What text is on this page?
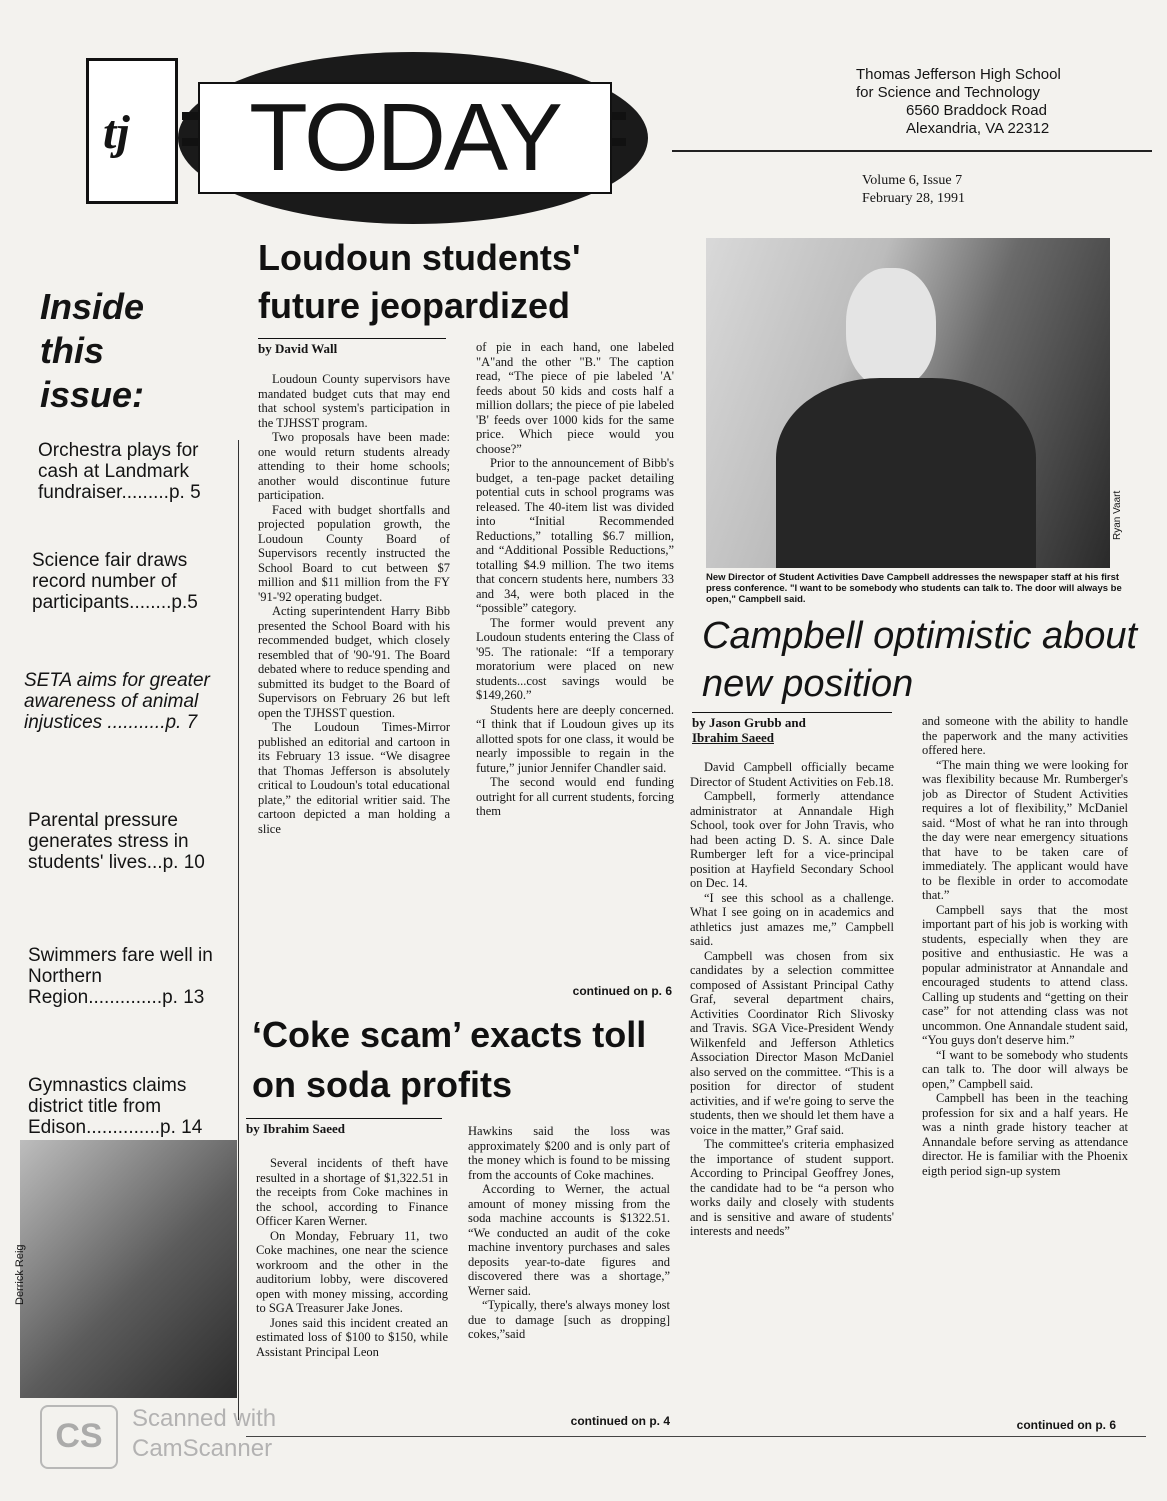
tj	TODAY
Thomas Jefferson High School
for Science and Technology
6560 Braddock Road
Alexandria, VA 22312
Volume 6, Issue 7
February 28, 1991
Inside
this
issue:
Orchestra plays for cash at Landmark fundraiser.........p. 5
Science fair draws record number of participants........p.5
SETA aims for greater awareness of animal injustices ...........p. 7
Parental pressure generates stress in students' lives...p. 10
Swimmers fare well in Northern Region..............p. 13
Gymnastics claims district title from Edison..............p. 14
Derrick Reig
Loudoun students' future jeopardized
by David Wall

Loudoun County supervisors have mandated budget cuts that may end that school system's participation in the TJHSST program.

Two proposals have been made: one would return students already attending to their home schools; another would discontinue future participation.

Faced with budget shortfalls and projected population growth, the Loudoun County Board of Supervisors recently instructed the School Board to cut between $7 million and $11 million from the FY '91-'92 operating budget.

Acting superintendent Harry Bibb presented the School Board with his recommended budget, which closely resembled that of '90-'91. The Board debated where to reduce spending and submitted its budget to the Board of Supervisors on February 26 but left open the TJHSST question.

The Loudoun Times-Mirror published an editorial and cartoon in its February 13 issue. “We disagree that Thomas Jefferson is absolutely critical to Loudoun's total educational plate,” the editorial writier said. The cartoon depicted a man holding a slice

of pie in each hand, one labeled "A"and the other "B." The caption read, “The piece of pie labeled 'A' feeds about 50 kids and costs half a million dollars; the piece of pie labeled 'B' feeds over 1000 kids for the same price. Which piece would you choose?”

Prior to the announcement of Bibb's budget, a ten-page packet detailing potential cuts in school programs was released. The 40-item list was divided into “Initial Recommended Reductions,” totalling $6.7 million, and “Additional Possible Reductions,” totalling $4.9 million. The two items that concern students here, numbers 33 and 34, were both placed in the “possible” category.

The former would prevent any Loudoun students entering the Class of '95. The rationale: “If a temporary moratorium were placed on new students...cost savings would be $149,260.”

Students here are deeply concerned. “I think that if Loudoun gives up its allotted spots for one class, it would be nearly impossible to regain in the future,” junior Jennifer Chandler said.

The second would end funding outright for all current students, forcing them

continued on p. 6
‘Coke scam’ exacts toll on soda profits
by Ibrahim Saeed

Several incidents of theft have resulted in a shortage of $1,322.51 in the receipts from Coke machines in the school, according to Finance Officer Karen Werner.

On Monday, February 11, two Coke machines, one near the science workroom and the other in the auditorium lobby, were discovered open with money missing, according to SGA Treasurer Jake Jones.

Jones said this incident created an estimated loss of $100 to $150, while Assistant Principal Leon

Hawkins said the loss was approximately $200 and is only part of the money which is found to be missing from the accounts of Coke machines.

According to Werner, the actual amount of money missing from the soda machine accounts is $1322.51. “We conducted an audit of the coke machine inventory purchases and sales deposits year-to-date figures and discovered there was a shortage,” Werner said.

“Typically, there's always money lost due to damage [such as dropping] cokes,”said

continued on p. 4
Ryan Vaart
New Director of Student Activities Dave Campbell addresses the newspaper staff at his first press conference. "I want to be somebody who students can talk to. The door will always be open," Campbell said.
Campbell optimistic about new position
by Jason Grubb and
Ibrahim Saeed

David Campbell officially became Director of Student Activities on Feb.18.

Campbell, formerly attendance administrator at Annandale High School, took over for John Travis, who had been acting D. S. A. since Dale Rumberger left for a vice-principal position at Hayfield Secondary School on Dec. 14.

“I see this school as a challenge. What I see going on in academics and athletics just amazes me,” Campbell said.

Campbell was chosen from six candidates by a selection committee composed of Assistant Principal Cathy Graf, several department chairs, Activities Coordinator Rich Slivosky and Travis. SGA Vice-President Wendy Wilkenfeld and Jefferson Athletics Association Director Mason McDaniel also served on the committee. “This is a position for director of student activities, and if we're going to serve the students, then we should let them have a voice in the matter,” Graf said.

The committee's criteria emphasized the importance of student support. According to Principal Geoffrey Jones, the candidate had to be “a person who works daily and closely with students and is sensitive and aware of students' interests and needs”

and someone with the ability to handle the paperwork and the many activities offered here.

“The main thing we were looking for was flexibility because Mr. Rumberger's job as Director of Student Activities requires a lot of flexibility,” McDaniel said. “Most of what he ran into through the day were near emergency situations that have to be taken care of immediately. The applicant would have to be flexible in order to accomodate that.”

Campbell says that the most important part of his job is working with students, especially when they are positive and enthusiastic. He was a popular administrator at Annandale and encouraged students to attend class. Calling up students and “getting on their case” for not attending class was not uncommon. One Annandale student said, “You guys don't deserve him.”

“I want to be somebody who students can talk to. The door will always be open,” Campbell said.

Campbell has been in the teaching profession for six and a half years. He was a ninth grade history teacher at Annandale before serving as attendance director. He is familiar with the Phoenix eigth period sign-up system

continued on p. 6
CS	Scanned with
CamScanner
